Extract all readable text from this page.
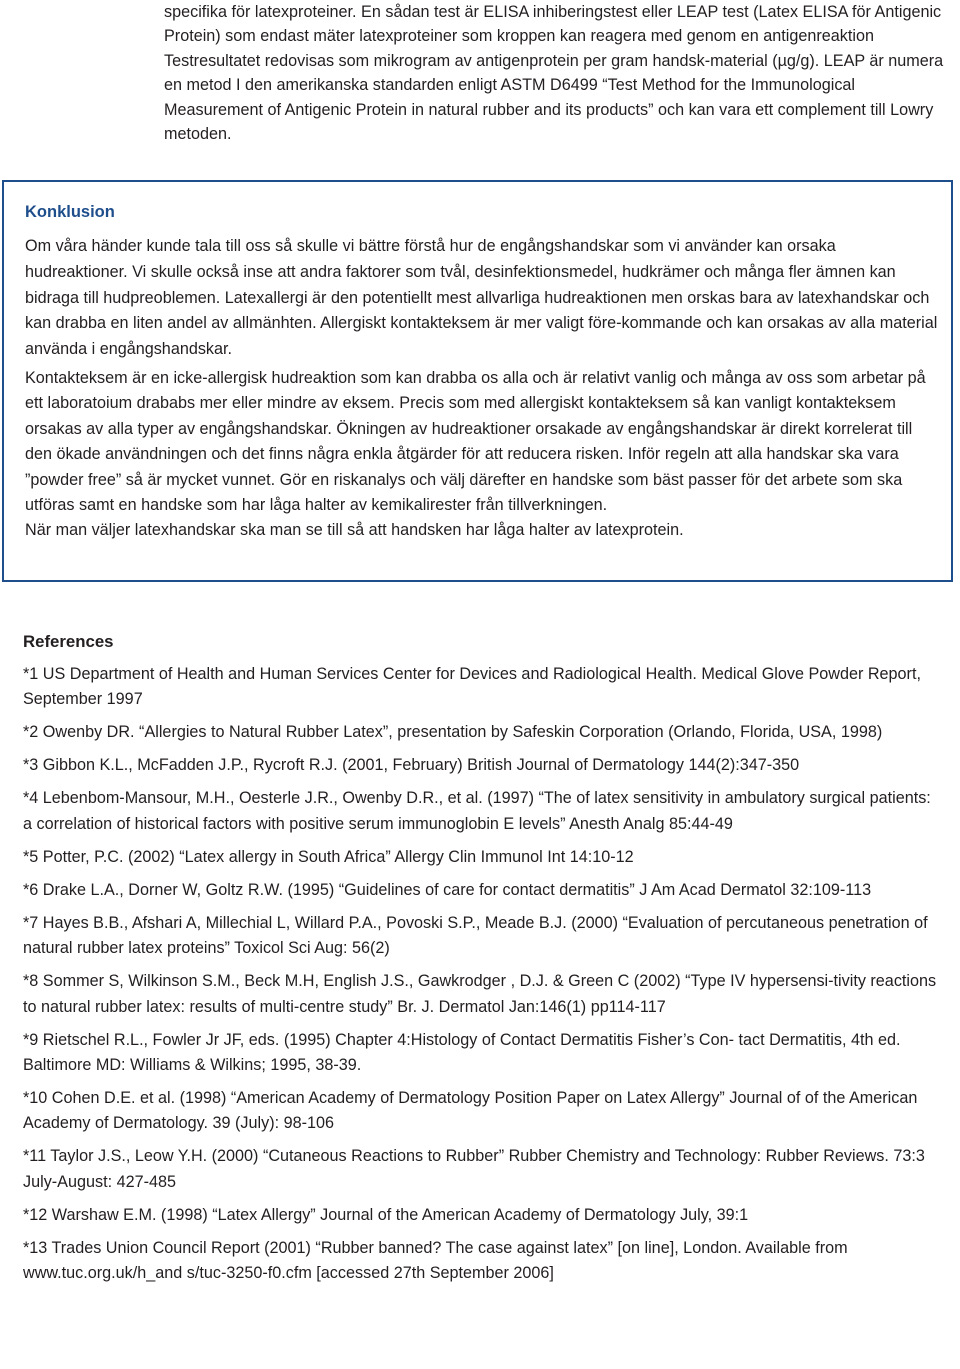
specifika för latexproteiner. En sådan test är ELISA inhiberingstest eller LEAP test (Latex ELISA för Antigenic Protein) som endast mäter latexproteiner som kroppen kan reagera med genom en antigenreaktion Testresultatet redovisas som mikrogram av antigenprotein per gram handsk-material (µg/g). LEAP är numera en metod I den amerikanska standarden enligt ASTM D6499 “Test Method for the Immunological Measurement of Antigenic Protein in natural rubber and its products” och kan vara ett complement till Lowry metoden.

Konklusion

Om våra händer kunde tala till oss så skulle vi bättre förstå hur de engångshandskar som vi använder kan orsaka hudreaktioner. Vi skulle också inse att andra faktorer som tvål, desinfektionsmedel, hudkrämer och många fler ämnen kan bidraga till hudpreoblemen. Latexallergi är den potentiellt mest allvarliga hudreaktionen men orskas bara av latexhandskar och kan drabba en liten andel av allmänhten. Allergiskt kontakteksem är mer valigt före-kommande och kan orsakas av alla material använda i engångshandskar.

Kontakteksem är en icke-allergisk hudreaktion som kan drabba os alla och är relativt vanlig och många av oss som arbetar på ett laboratoium drababs mer eller mindre av eksem. Precis som med allergiskt kontakteksem så kan vanligt kontakteksem orsakas av alla typer av engångshandskar. Ökningen av hudreaktioner orsakade av engångshandskar är direkt korrelerat till den ökade användningen och det finns några enkla åtgärder för att reducera risken. Inför regeln att alla handskar ska vara ”powder free” så är mycket vunnet. Gör en riskanalys och välj därefter en handske som bäst passer för det arbete som ska utföras samt en handske som har låga halter av kemikalirester från tillverkningen.

När man väljer latexhandskar ska man se till så att handsken har låga halter av latexprotein.

References
*1 US Department of Health and Human Services Center for Devices and Radiological Health. Medical Glove Powder Report, September 1997
*2 Owenby DR. “Allergies to Natural Rubber Latex”, presentation by Safeskin Corporation (Orlando, Florida, USA, 1998)
*3 Gibbon K.L., McFadden J.P., Rycroft R.J. (2001, February) British Journal of Dermatology 144(2):347-350
*4 Lebenbom-Mansour, M.H., Oesterle J.R., Owenby D.R., et al. (1997) “The of latex sensitivity in ambulatory surgical patients: a correlation of historical factors with positive serum immunoglobin E levels” Anesth Analg 85:44-49
*5 Potter, P.C. (2002) “Latex allergy in South Africa” Allergy Clin Immunol Int 14:10-12
*6 Drake L.A., Dorner W, Goltz R.W. (1995) “Guidelines of care for contact dermatitis” J Am Acad Dermatol 32:109-113
*7 Hayes B.B., Afshari A, Millechial L, Willard P.A., Povoski S.P., Meade B.J. (2000) “Evaluation of percutaneous penetration of natural rubber latex proteins” Toxicol Sci Aug: 56(2)
*8 Sommer S, Wilkinson S.M., Beck M.H, English J.S., Gawkrodger , D.J. & Green C (2002) “Type IV hypersensi-tivity reactions to natural rubber latex: results of multi-centre study” Br. J. Dermatol Jan:146(1) pp114-117
*9 Rietschel R.L., Fowler Jr JF, eds. (1995) Chapter 4:Histology of Contact Dermatitis Fisher’s Con- tact Dermatitis, 4th ed. Baltimore MD: Williams & Wilkins; 1995, 38-39.
*10 Cohen D.E. et al. (1998) “American Academy of Dermatology Position Paper on Latex Allergy” Journal of of the American Academy of Dermatology. 39 (July): 98-106
*11 Taylor J.S., Leow Y.H. (2000) “Cutaneous Reactions to Rubber” Rubber Chemistry and Technology: Rubber Reviews. 73:3 July-August: 427-485
*12 Warshaw E.M. (1998) “Latex Allergy” Journal of the American Academy of Dermatology July, 39:1
*13 Trades Union Council Report (2001) “Rubber banned? The case against latex” [on line], London. Available from www.tuc.org.uk/h_and s/tuc-3250-f0.cfm [accessed 27th September 2006]
